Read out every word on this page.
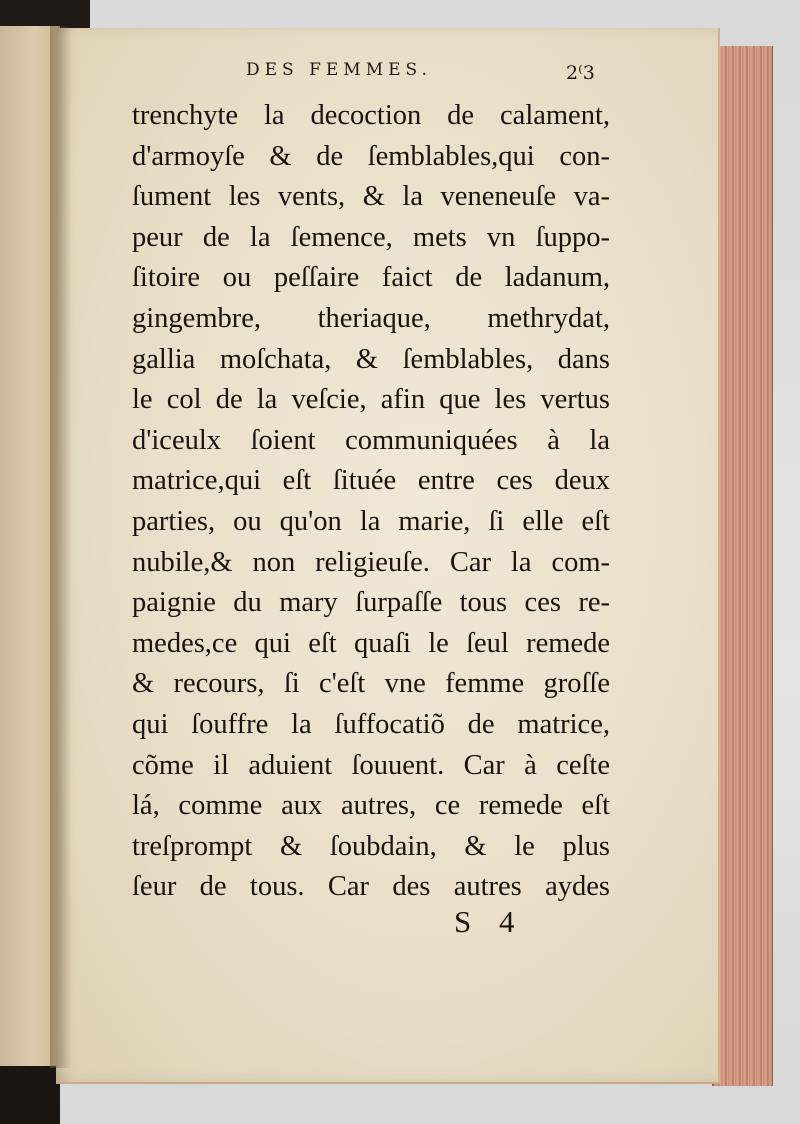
DES FEMMES.	2⁽3
trenchyte la decoction de calament,
d'armoyſe & de ſemblables,qui con-
ſument les vents, & la veneneuſe va-
peur de la ſemence, mets vn ſuppo-
ſitoire ou peſſaire faict de ladanum,
gingembre, theriaque, methrydat,
gallia moſchata, & ſemblables, dans
le col de la veſcie, afin que les vertus
d'iceulx ſoient communiquées à la
matrice,qui eſt ſituée entre ces deux
parties, ou qu'on la marie, ſi elle eſt
nubile,& non religieuſe. Car la com-
paignie du mary ſurpaſſe tous ces re-
medes,ce qui eſt quaſi le ſeul remede
& recours, ſi c'eſt vne femme groſſe
qui ſouffre la ſuffocatiõ de matrice,
cõme il aduient ſouuent. Car à ceſte
lá, comme aux autres, ce remede eſt
treſprompt & ſoubdain, & le plus
ſeur de tous. Car des autres aydes
S 4
